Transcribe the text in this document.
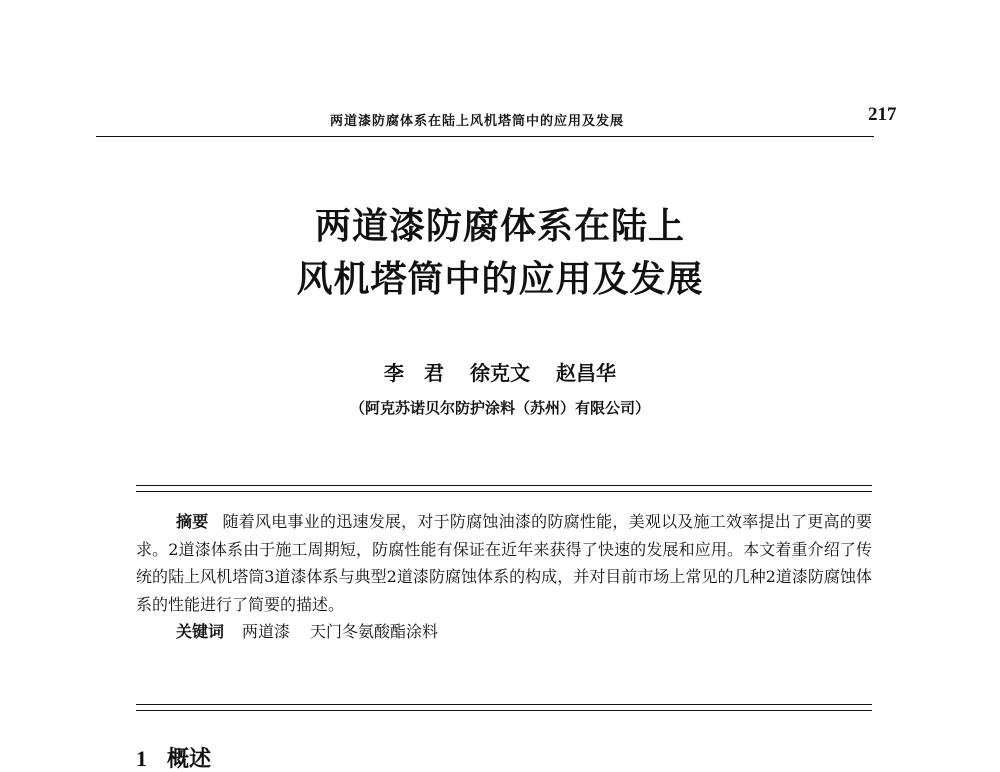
两道漆防腐体系在陆上风机塔筒中的应用及发展	217
两道漆防腐体系在陆上
风机塔筒中的应用及发展
李　君 徐克文 赵昌华
（阿克苏诺贝尔防护涂料（苏州）有限公司）

摘要 随着风电事业的迅速发展，对于防腐蚀油漆的防腐性能，美观以及施工效率提出了更高的要求。2道漆体系由于施工周期短，防腐性能有保证在近年来获得了快速的发展和应用。本文着重介绍了传统的陆上风机塔筒3道漆体系与典型2道漆防腐蚀体系的构成，并对目前市场上常见的几种2道漆防腐蚀体系的性能进行了简要的描述。

关键词 两道漆 天门冬氨酸酯涂料
1 概述
